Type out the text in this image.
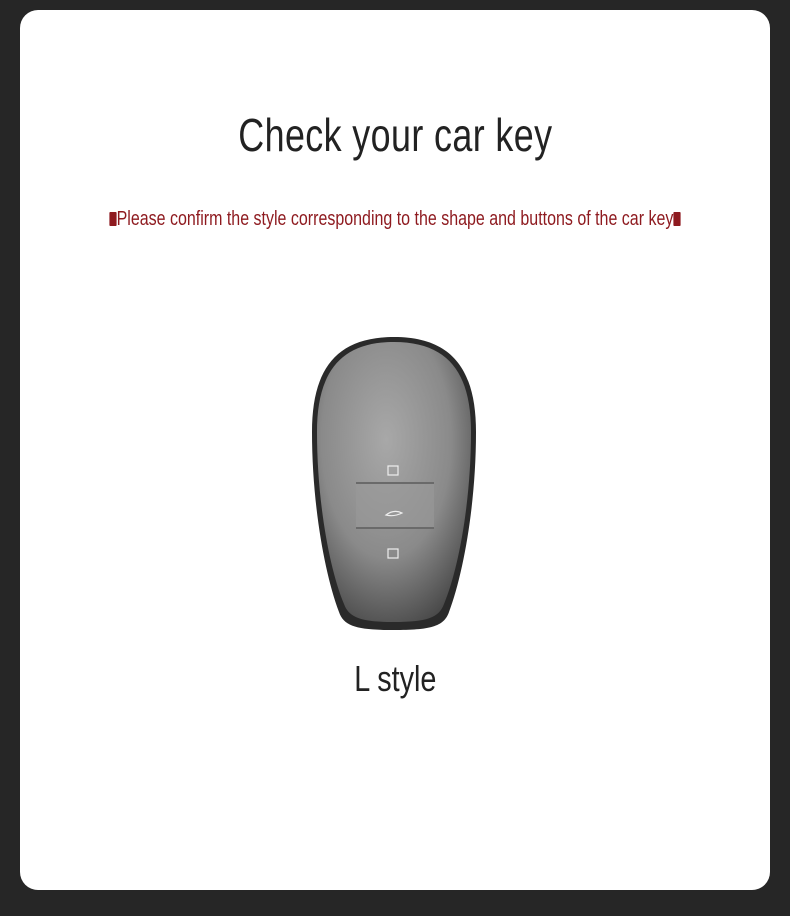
Check your car key
Please confirm the style corresponding to the shape and buttons of the car key
L style
